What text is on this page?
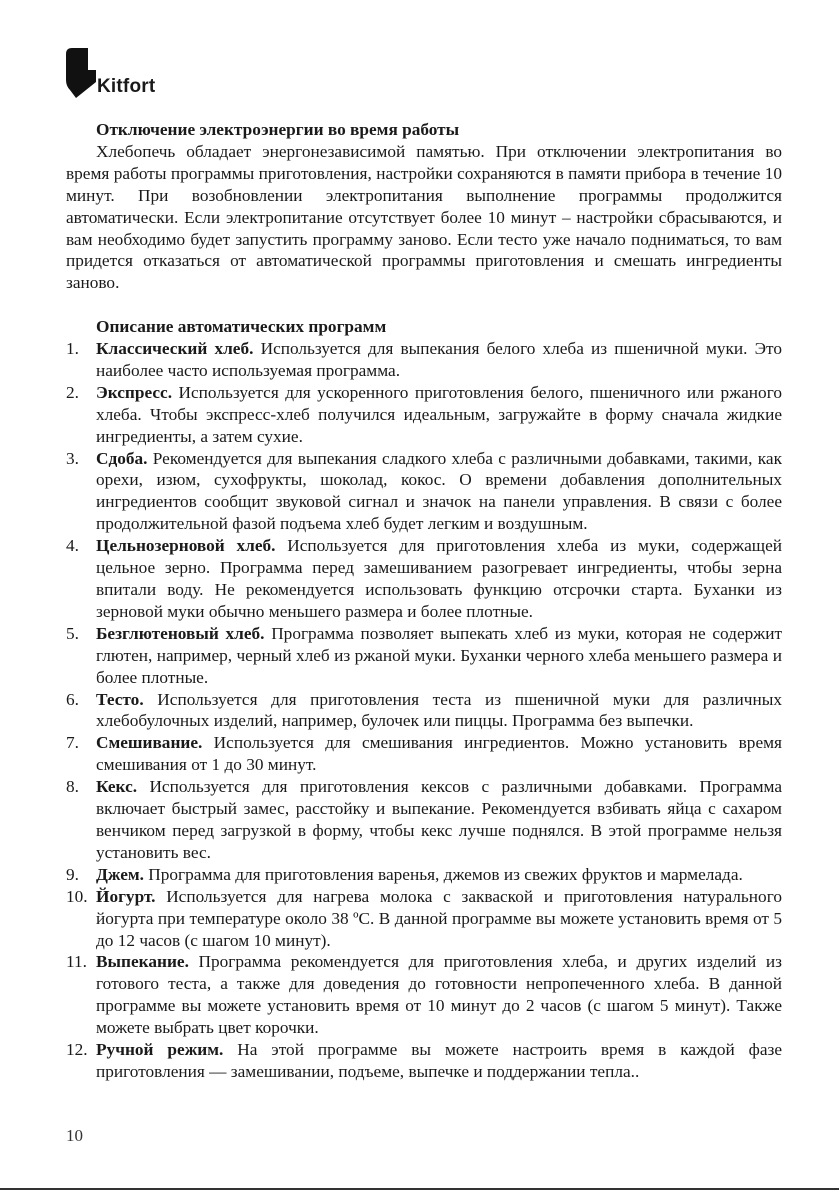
Kitfort

Отключение электроэнергии во время работы

Хлебопечь обладает энергонезависимой памятью. При отключении электропитания во время работы программы приготовления, настройки сохраняются в памяти прибора в течение 10 минут. При возобновлении электропитания выполнение программы продолжится автоматически. Если электропитание отсутствует более 10 минут – настройки сбрасываются, и вам необходимо будет запустить программу заново. Если тесто уже начало подниматься, то вам придется отказаться от автоматической программы приготовления и смешать ингредиенты заново.

Описание автоматических программ

1. Классический хлеб. Используется для выпекания белого хлеба из пшеничной муки. Это наиболее часто используемая программа.
2. Экспресс. Используется для ускоренного приготовления белого, пшеничного или ржаного хлеба. Чтобы экспресс-хлеб получился идеальным, загружайте в форму сначала жидкие ингредиенты, а затем сухие.
3. Сдоба. Рекомендуется для выпекания сладкого хлеба с различными добавками, такими, как орехи, изюм, сухофрукты, шоколад, кокос. О времени добавления дополнительных ингредиентов сообщит звуковой сигнал и значок на панели управления. В связи с более продолжительной фазой подъема хлеб будет легким и воздушным.
4. Цельнозерновой хлеб. Используется для приготовления хлеба из муки, содержащей цельное зерно. Программа перед замешиванием разогревает ингредиенты, чтобы зерна впитали воду. Не рекомендуется использовать функцию отсрочки старта. Буханки из зерновой муки обычно меньшего размера и более плотные.
5. Безглютеновый хлеб. Программа позволяет выпекать хлеб из муки, которая не содержит глютен, например, черный хлеб из ржаной муки. Буханки черного хлеба меньшего размера и более плотные.
6. Тесто. Используется для приготовления теста из пшеничной муки для различных хлебобулочных изделий, например, булочек или пиццы. Программа без выпечки.
7. Смешивание. Используется для смешивания ингредиентов. Можно установить время смешивания от 1 до 30 минут.
8. Кекс. Используется для приготовления кексов с различными добавками. Программа включает быстрый замес, расстойку и выпекание. Рекомендуется взбивать яйца с сахаром венчиком перед загрузкой в форму, чтобы кекс лучше поднялся. В этой программе нельзя установить вес.
9. Джем. Программа для приготовления варенья, джемов из свежих фруктов и мармелада.
10. Йогурт. Используется для нагрева молока с закваской и приготовления натурального йогурта при температуре около 38 ºС. В данной программе вы можете установить время от 5 до 12 часов (с шагом 10 минут).
11. Выпекание. Программа рекомендуется для приготовления хлеба, и других изделий из готового теста, а также для доведения до готовности непропеченного хлеба. В данной программе вы можете установить время от 10 минут до 2 часов (с шагом 5 минут). Также можете выбрать цвет корочки.
12. Ручной режим. На этой программе вы можете настроить время в каждой фазе приготовления — замешивании, подъеме, выпечке и поддержании тепла..
10
